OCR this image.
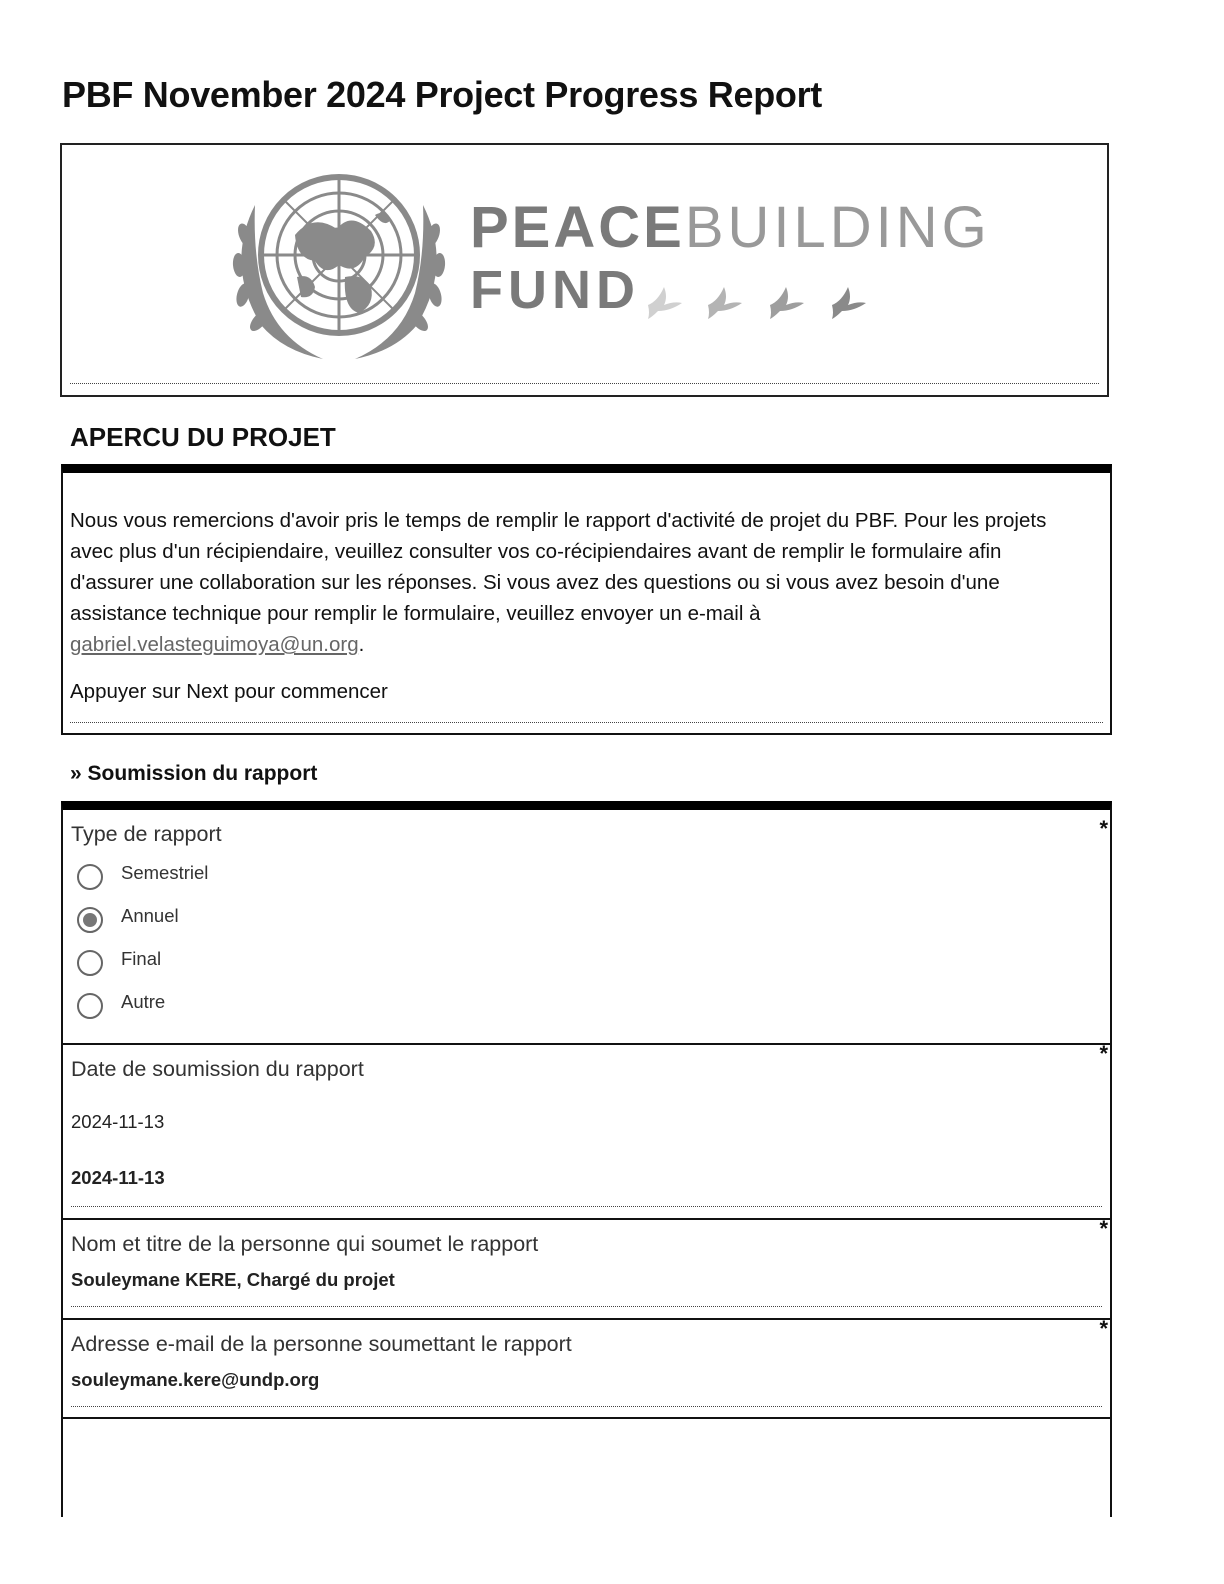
PBF November 2024 Project Progress Report
PEACEBUILDING
FUND
APERCU DU PROJET
Nous vous remercions d'avoir pris le temps de remplir le rapport d'activité de projet du PBF. Pour les projets avec plus d'un récipiendaire, veuillez consulter vos co-récipiendaires avant de remplir le formulaire afin d'assurer une collaboration sur les réponses. Si vous avez des questions ou si vous avez besoin d'une assistance technique pour remplir le formulaire, veuillez envoyer un e-mail à gabriel.velasteguimoya@un.org.
Appuyer sur Next pour commencer
» Soumission du rapport
Type de rapport	*
Semestriel
Annuel
Final
Autre
Date de soumission du rapport
*
2024-11-13
2024-11-13
Nom et titre de la personne qui soumet le rapport
*
Souleymane KERE, Chargé du projet
Adresse e-mail de la personne soumettant le rapport
*
souleymane.kere@undp.org
